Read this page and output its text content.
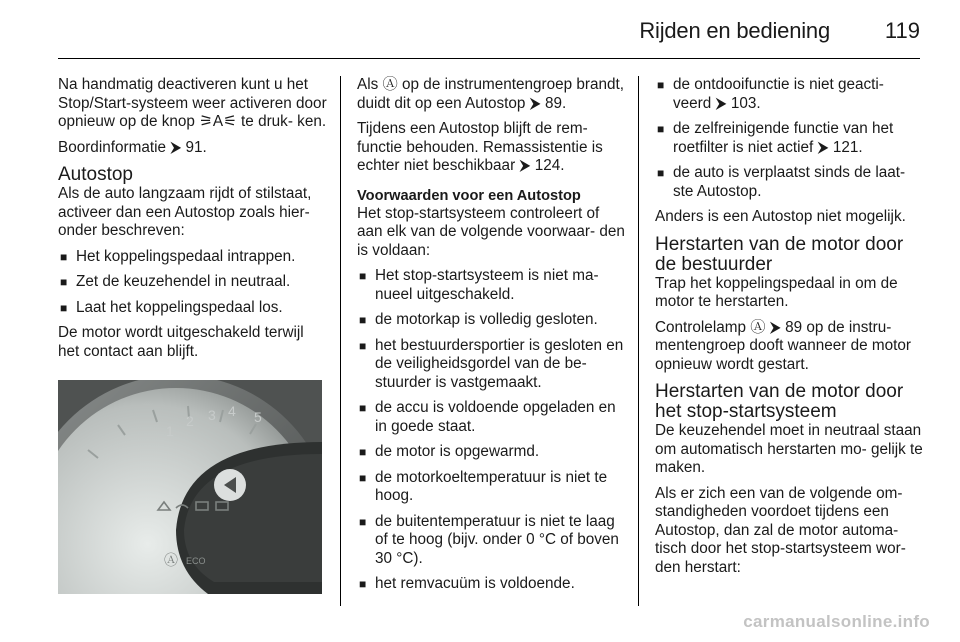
Rijden en bediening	119

Na handmatig deactiveren kunt u het Stop/Start-systeem weer activeren door opnieuw op de knop ⚞A⚟ te druk‑ ken.

Boordinformatie ⮞ 91.

Autostop

Als de auto langzaam rijdt of stilstaat, activeer dan een Autostop zoals hier‑ onder beschreven:

■ Het koppelingspedaal intrappen.
■ Zet de keuzehendel in neutraal.
■ Laat het koppelingspedaal los.

De motor wordt uitgeschakeld terwijl het contact aan blijft.

1
2 3 4 5
Ⓐ ECO

Als Ⓐ op de instrumentengroep brandt, duidt dit op een Autostop ⮞ 89.

Tijdens een Autostop blijft de rem‑ functie behouden. Remassistentie is echter niet beschikbaar ⮞ 124.

Voorwaarden voor een Autostop

Het stop-startsysteem controleert of aan elk van de volgende voorwaar‑ den is voldaan:

■ Het stop-startsysteem is niet ma‑ nueel uitgeschakeld.
■ de motorkap is volledig gesloten.
■ het bestuurdersportier is gesloten en de veiligheidsgordel van de be‑ stuurder is vastgemaakt.
■ de accu is voldoende opgeladen en in goede staat.
■ de motor is opgewarmd.
■ de motorkoeltemperatuur is niet te hoog.
■ de buitentemperatuur is niet te laag of te hoog (bijv. onder 0 °C of boven 30 °C).
■ het remvacuüm is voldoende.
■ de ontdooifunctie is niet geacti‑ veerd ⮞ 103.
■ de zelfreinigende functie van het roetfilter is niet actief ⮞ 121.
■ de auto is verplaatst sinds de laat‑ ste Autostop.

Anders is een Autostop niet mogelijk.

Herstarten van de motor door de bestuurder

Trap het koppelingspedaal in om de motor te herstarten.

Controlelamp Ⓐ ⮞ 89 op de instru‑ mentengroep dooft wanneer de motor opnieuw wordt gestart.

Herstarten van de motor door het stop-startsysteem

De keuzehendel moet in neutraal staan om automatisch herstarten mo‑ gelijk te maken.

Als er zich een van de volgende om‑ standigheden voordoet tijdens een Autostop, dan zal de motor automa‑ tisch door het stop-startsysteem wor‑ den herstart:

carmanualsonline.info
